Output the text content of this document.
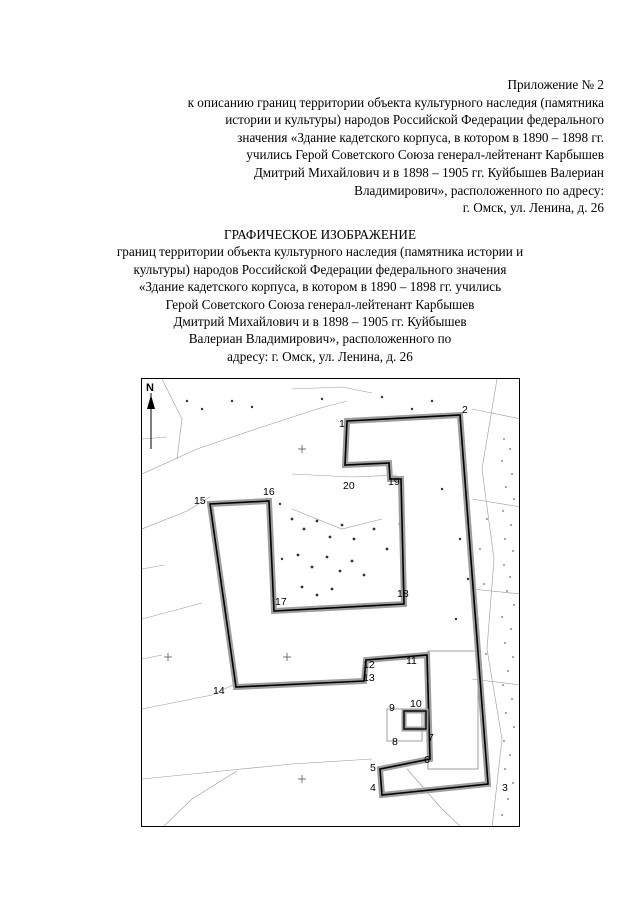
Приложение № 2
к описанию границ территории объекта культурного наследия (памятника
истории и культуры) народов Российской Федерации федерального
значения «Здание кадетского корпуса, в котором в 1890 – 1898 гг.
учились Герой Советского Союза генерал-лейтенант Карбышев
Дмитрий Михайлович и в 1898 – 1905 гг. Куйбышев Валериан
Владимирович», расположенного по адресу:
г. Омск, ул. Ленина, д. 26
ГРАФИЧЕСКОЕ ИЗОБРАЖЕНИЕ
границ территории объекта культурного наследия (памятника истории и
культуры) народов Российской Федерации федерального значения
«Здание кадетского корпуса, в котором в 1890 – 1898 гг. учились
Герой Советского Союза генерал-лейтенант Карбышев
Дмитрий Михайлович и в 1898 – 1905 гг. Куйбышев
Валериан Владимирович», расположенного по
адресу: г. Омск, ул. Ленина, д. 26
N
1
2
3
4
5
6
7
8
9 10
11
12
13
14
15
16
17
18
19
20
